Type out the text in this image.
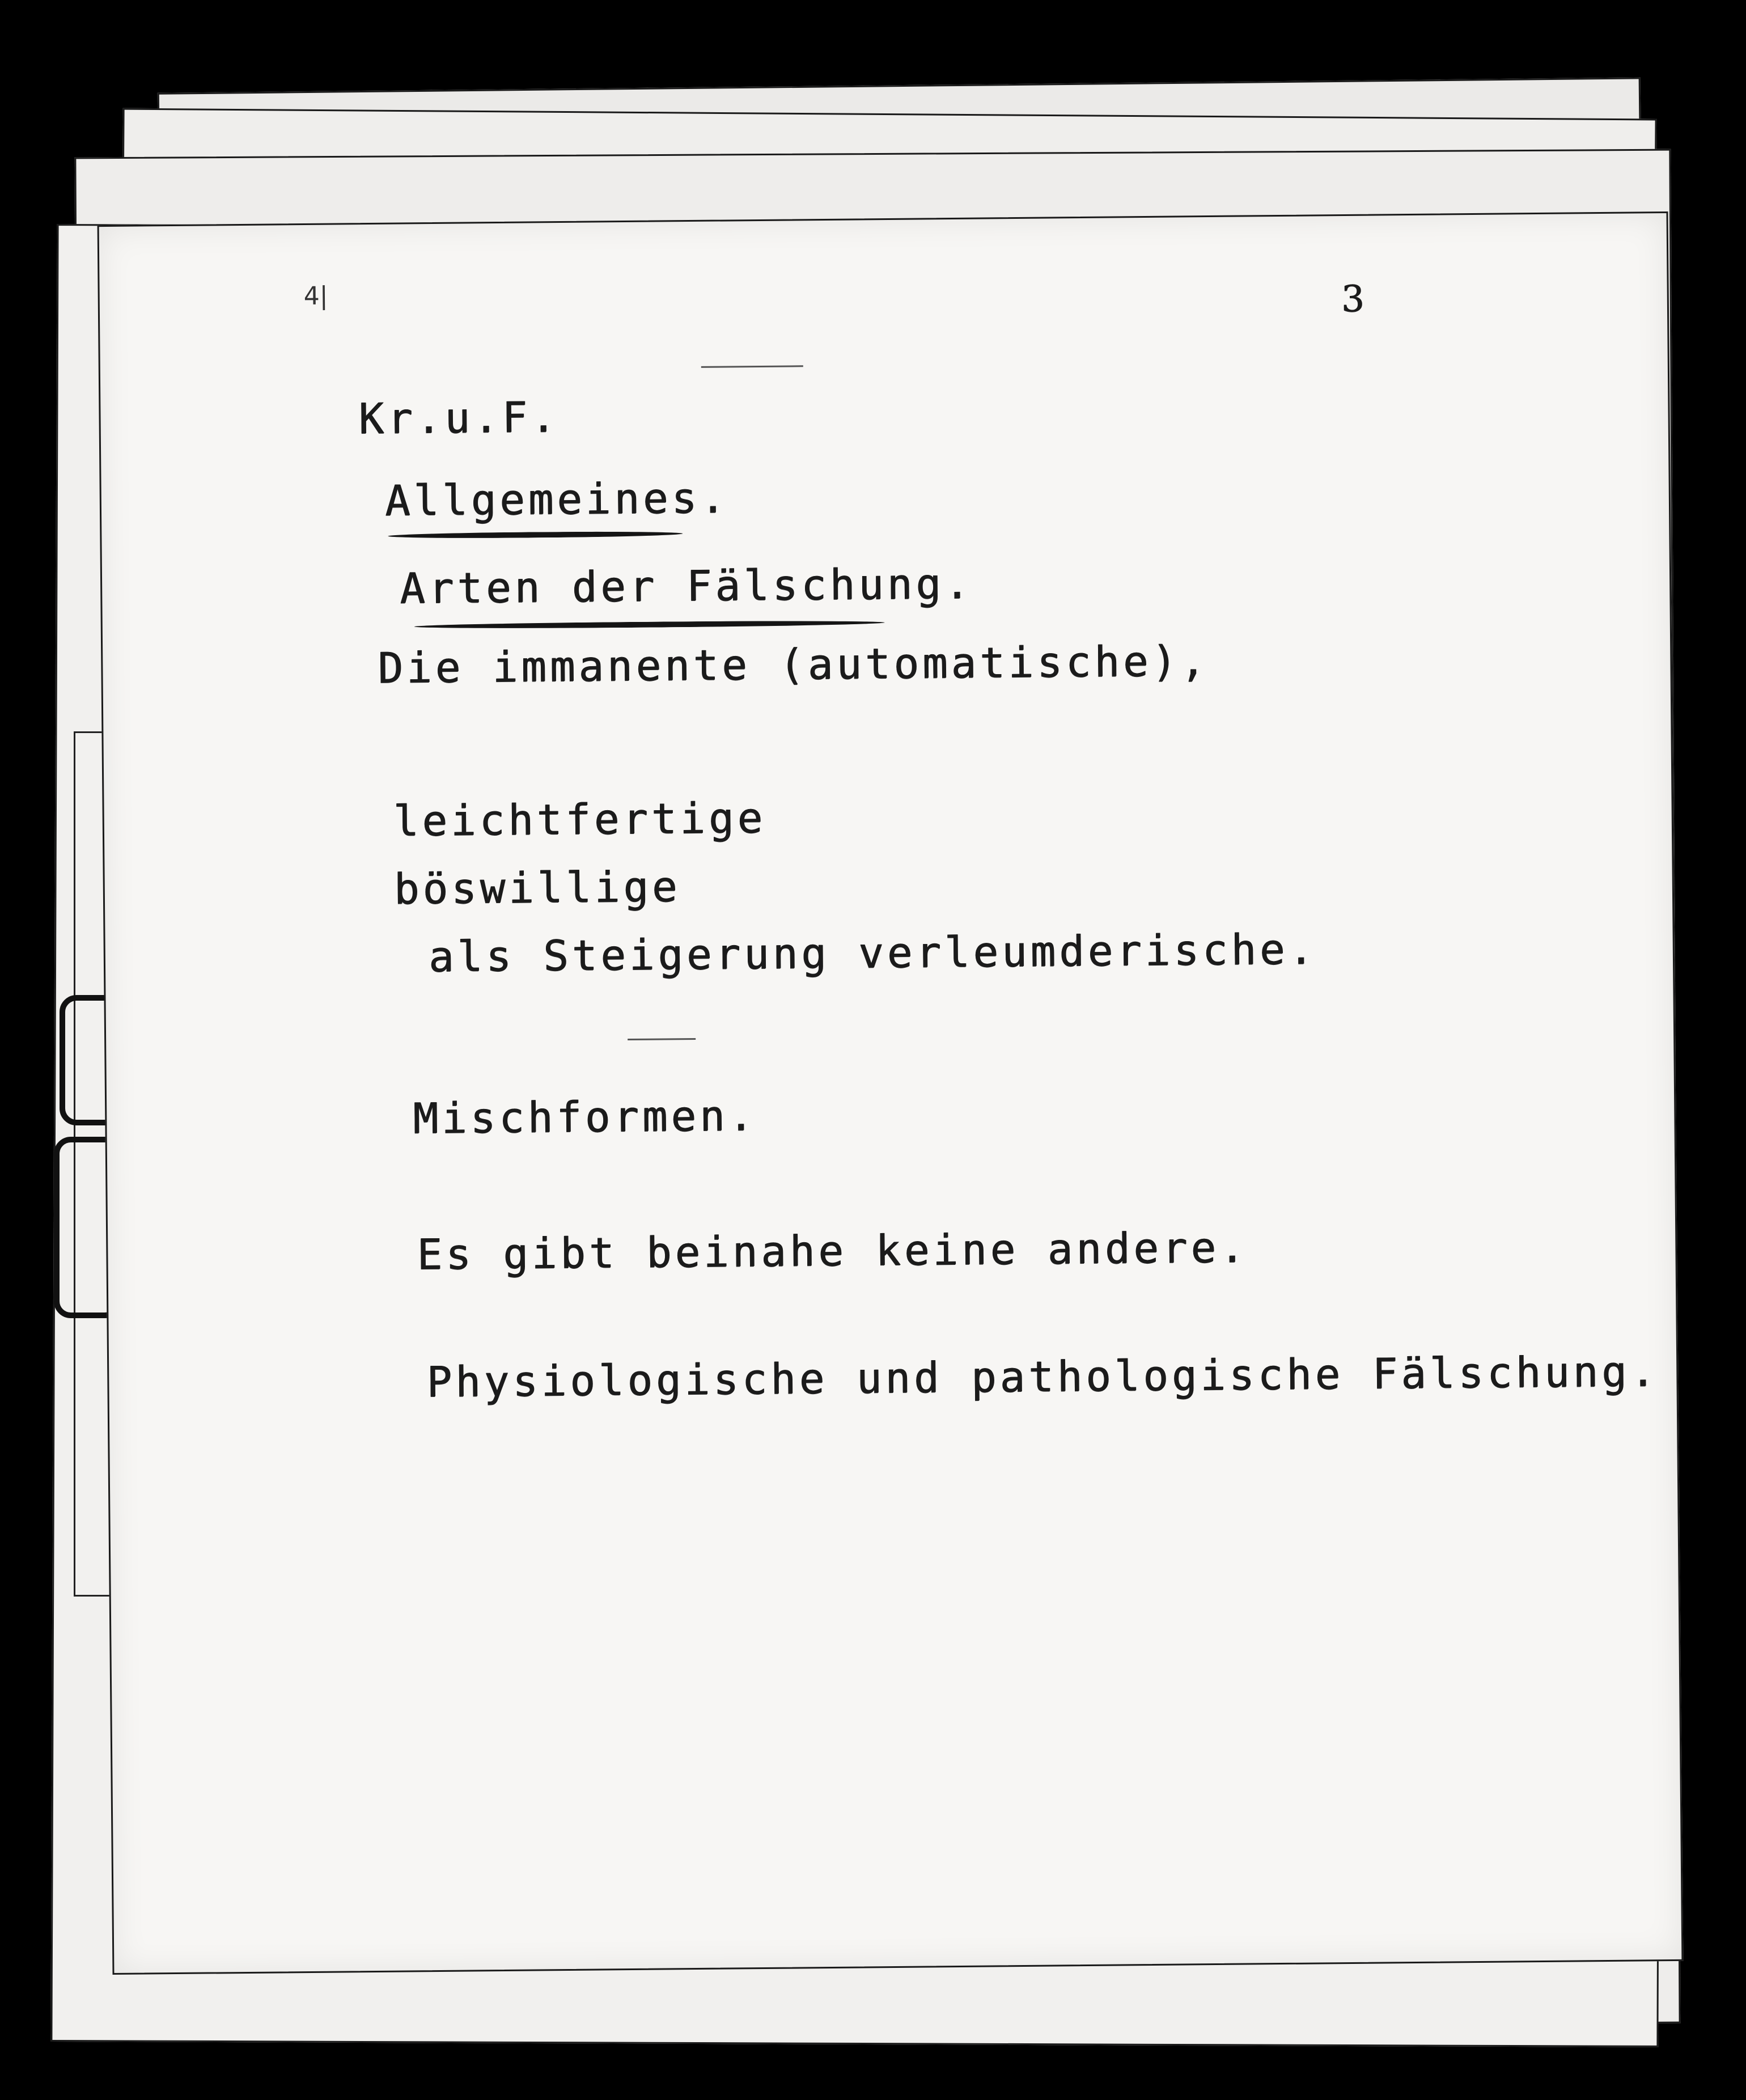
4|	3
Kr.u.F.
Allgemeines.
Arten der Fälschung.
Die immanente (automatische),
leichtfertige
böswillige
als Steigerung verleumderische.
Mischformen.
Es gibt beinahe keine andere.
Physiologische und pathologische Fälschung.
